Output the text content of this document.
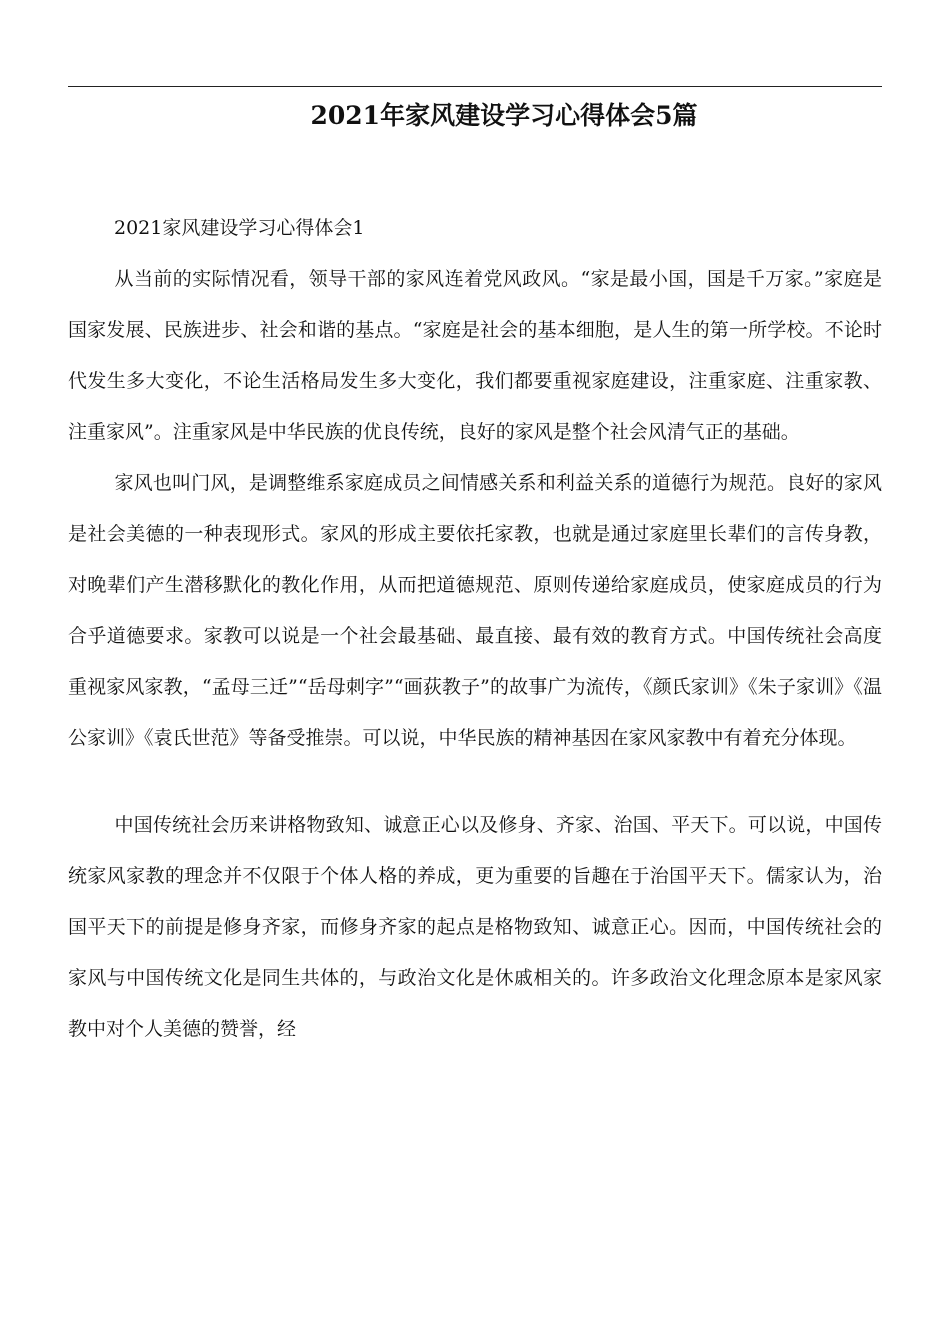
2021年家风建设学习心得体会5篇

2021家风建设学习心得体会1

从当前的实际情况看，领导干部的家风连着党风政风。“家是最小国，国是千万家。”家庭是国家发展、民族进步、社会和谐的基点。“家庭是社会的基本细胞，是人生的第一所学校。不论时代发生多大变化，不论生活格局发生多大变化，我们都要重视家庭建设，注重家庭、注重家教、注重家风”。注重家风是中华民族的优良传统，良好的家风是整个社会风清气正的基础。

家风也叫门风，是调整维系家庭成员之间情感关系和利益关系的道德行为规范。良好的家风是社会美德的一种表现形式。家风的形成主要依托家教，也就是通过家庭里长辈们的言传身教，对晚辈们产生潜移默化的教化作用，从而把道德规范、原则传递给家庭成员，使家庭成员的行为合乎道德要求。家教可以说是一个社会最基础、最直接、最有效的教育方式。中国传统社会高度重视家风家教，“孟母三迁”“岳母刺字”“画荻教子”的故事广为流传，《颜氏家训》《朱子家训》《温公家训》《袁氏世范》等备受推崇。可以说，中华民族的精神基因在家风家教中有着充分体现。

中国传统社会历来讲格物致知、诚意正心以及修身、齐家、治国、平天下。可以说，中国传统家风家教的理念并不仅限于个体人格的养成，更为重要的旨趣在于治国平天下。儒家认为，治国平天下的前提是修身齐家，而修身齐家的起点是格物致知、诚意正心。因而，中国传统社会的家风与中国传统文化是同生共体的，与政治文化是休戚相关的。许多政治文化理念原本是家风家教中对个人美德的赞誉，经
